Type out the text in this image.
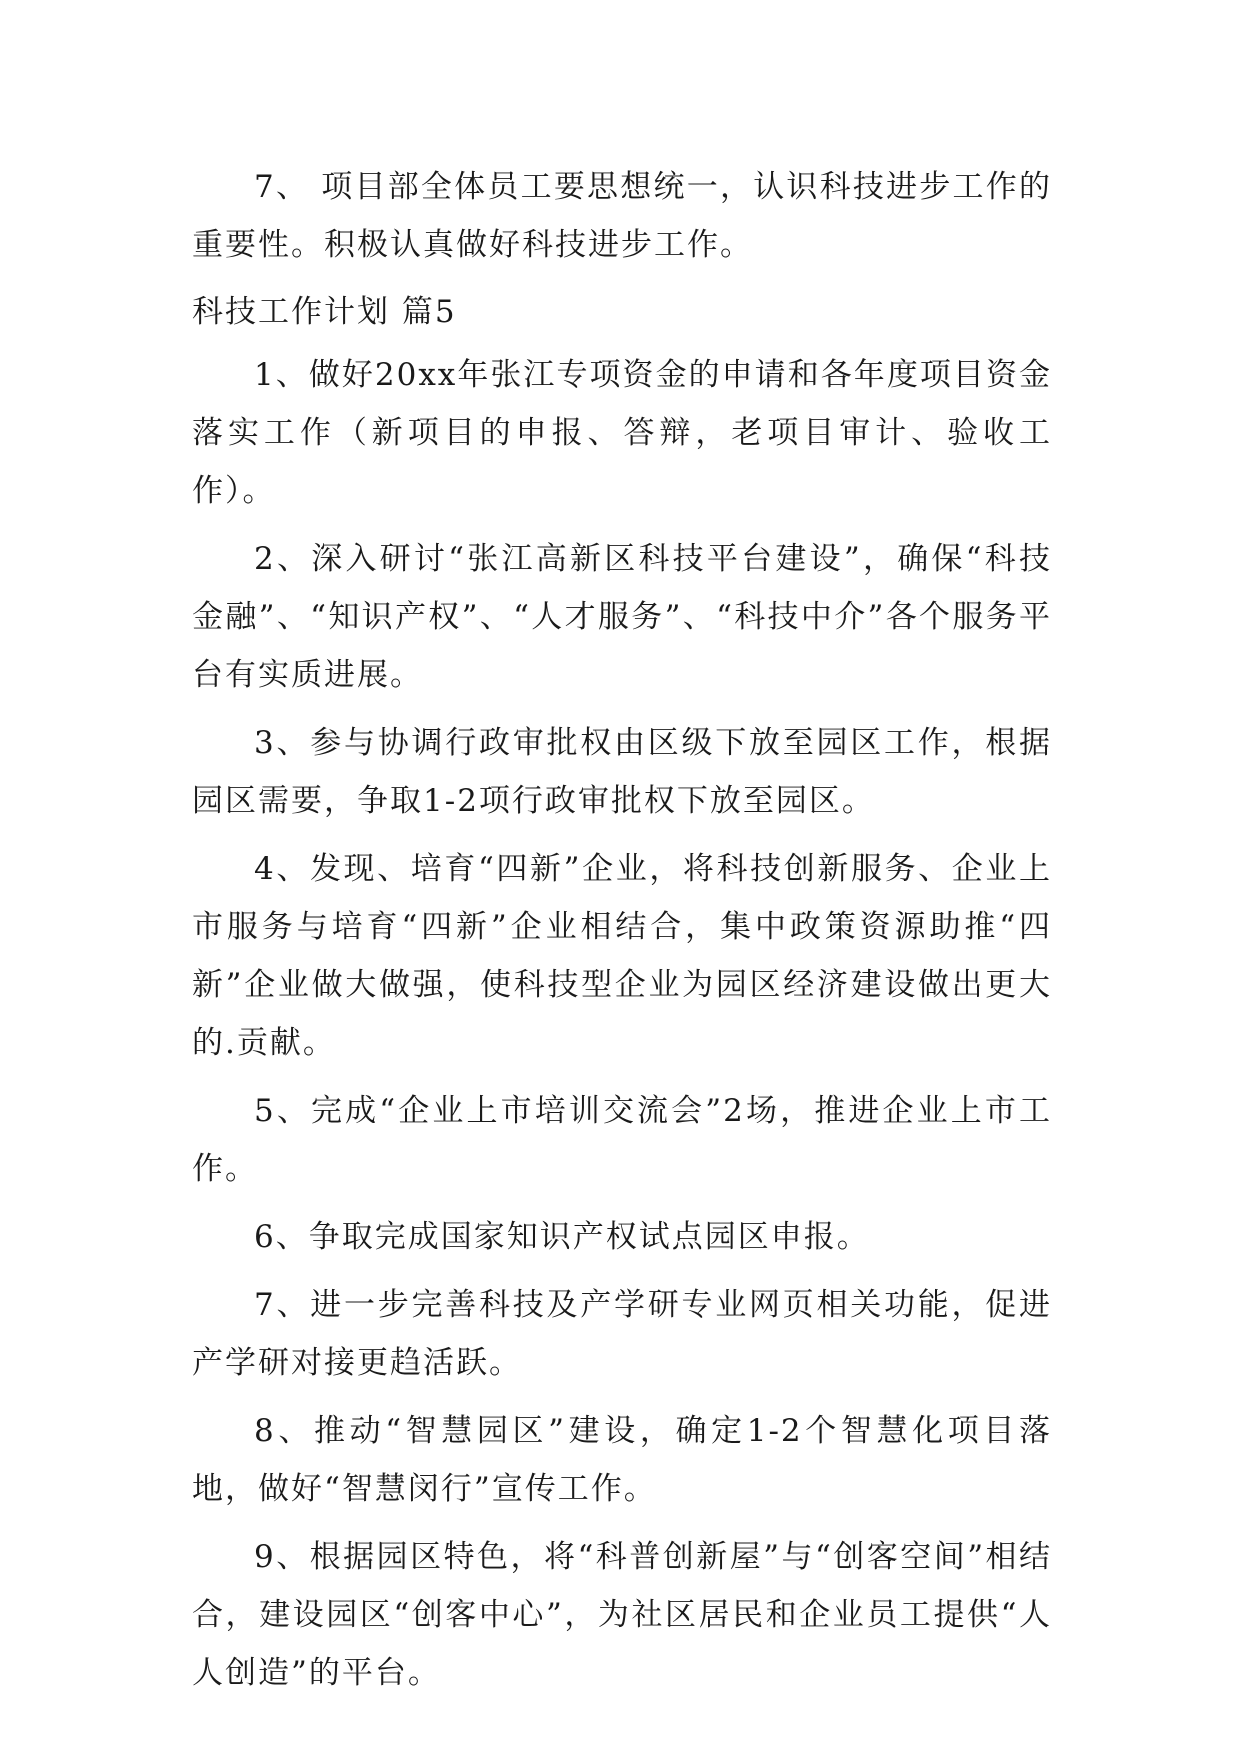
7、 项目部全体员工要思想统一，认识科技进步工作的重要性。积极认真做好科技进步工作。

科技工作计划 篇5

1、做好20xx年张江专项资金的申请和各年度项目资金落实工作（新项目的申报、答辩，老项目审计、验收工作）。

2、深入研讨“张江高新区科技平台建设”，确保“科技金融”、“知识产权”、“人才服务”、“科技中介”各个服务平台有实质进展。

3、参与协调行政审批权由区级下放至园区工作，根据园区需要，争取1-2项行政审批权下放至园区。

4、发现、培育“四新”企业，将科技创新服务、企业上市服务与培育“四新”企业相结合，集中政策资源助推“四新”企业做大做强，使科技型企业为园区经济建设做出更大的.贡献。

5、完成“企业上市培训交流会”2场，推进企业上市工作。

6、争取完成国家知识产权试点园区申报。

7、进一步完善科技及产学研专业网页相关功能，促进产学研对接更趋活跃。

8、推动“智慧园区”建设，确定1-2个智慧化项目落地，做好“智慧闵行”宣传工作。

9、根据园区特色，将“科普创新屋”与“创客空间”相结合，建设园区“创客中心”，为社区居民和企业员工提供“人人创造”的平台。
